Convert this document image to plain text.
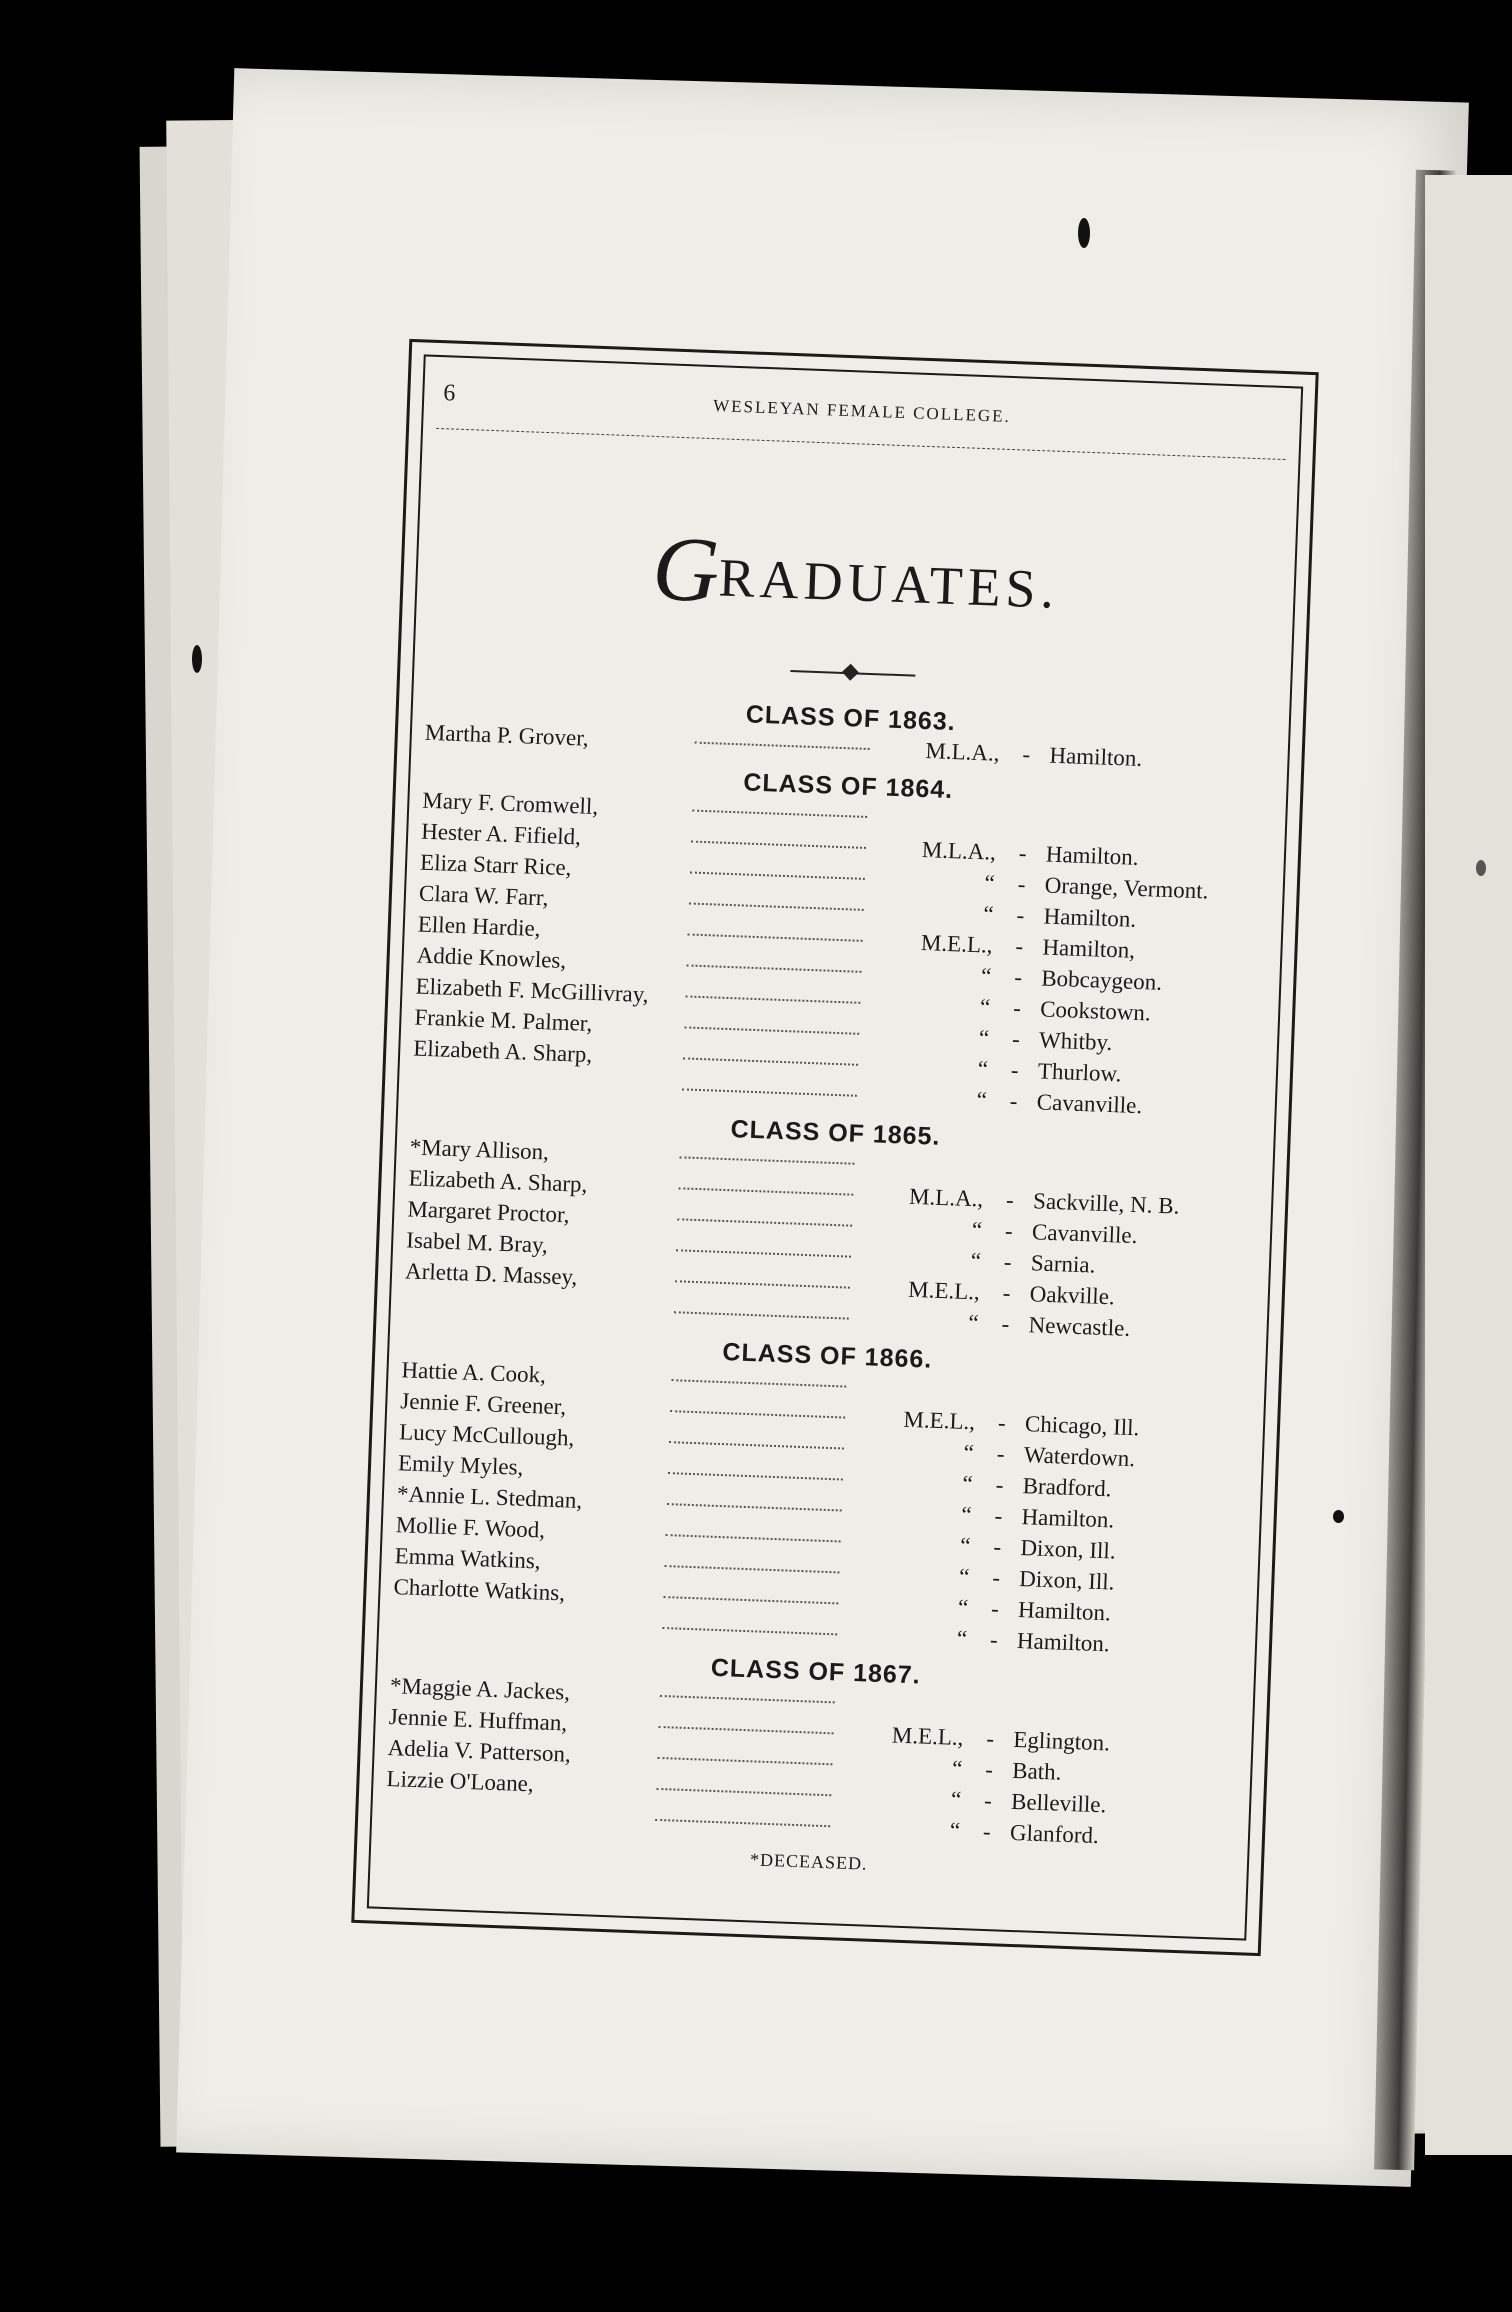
6
WESLEYAN FEMALE COLLEGE.
GRADUATES.
CLASS OF 1863.
Martha P. Grover,
M.L.A., - Hamilton.
CLASS OF 1864.
Mary F. Cromwell,
Hester A. Fifield,
M.L.A., - Hamilton.
Eliza Starr Rice,
“ - Orange, Vermont.
Clara W. Farr,
“ - Hamilton.
Ellen Hardie,
M.E.L., - Hamilton,
Addie Knowles,
“ - Bobcaygeon.
Elizabeth F. McGillivray,	“ - Cookstown.
Frankie M. Palmer,
“ - Whitby.
Elizabeth A. Sharp,
“ - Thurlow.
“ - Cavanville.
CLASS OF 1865.
*Mary Allison,
Elizabeth A. Sharp,
M.L.A., - Sackville, N. B.
Margaret Proctor,
“ - Cavanville.
Isabel M. Bray,
“ - Sarnia.
Arletta D. Massey,
M.E.L., - Oakville.
“ - Newcastle.
CLASS OF 1866.
Hattie A. Cook,
Jennie F. Greener,
M.E.L., - Chicago, Ill.
Lucy McCullough,
“ - Waterdown.
Emily Myles,
“ - Bradford.
*Annie L. Stedman,
“ - Hamilton.
Mollie F. Wood,
“ - Dixon, Ill.
Emma Watkins,
“ - Dixon, Ill.
Charlotte Watkins,
“ - Hamilton.
“ - Hamilton.
CLASS OF 1867.
*Maggie A. Jackes,
Jennie E. Huffman,
M.E.L., - Eglington.
Adelia V. Patterson,
“ - Bath.
Lizzie O'Loane,
“ - Belleville.
“ - Glanford.
*DECEASED.
